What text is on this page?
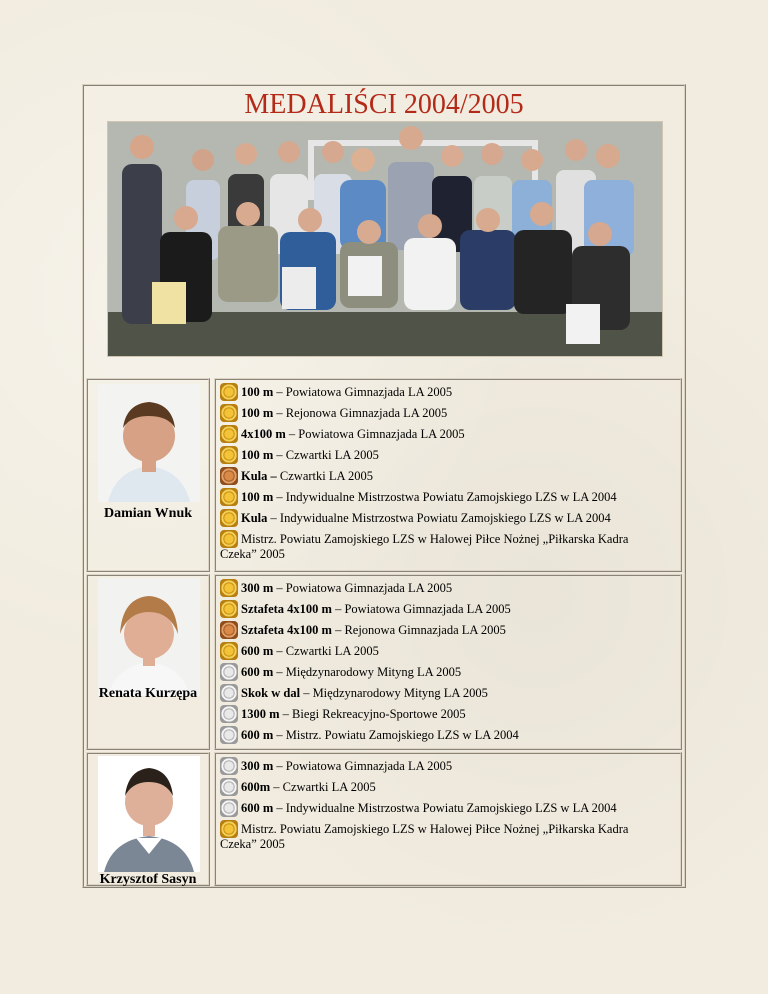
MEDALIŚCI 2004/2005
Damian Wnuk
100 m – Powiatowa Gimnazjada LA 2005
100 m – Rejonowa Gimnazjada LA 2005
4x100 m – Powiatowa Gimnazjada LA 2005
100 m – Czwartki LA 2005
Kula – Czwartki LA 2005
100 m – Indywidualne Mistrzostwa Powiatu Zamojskiego LZS w LA 2004
Kula – Indywidualne Mistrzostwa Powiatu Zamojskiego LZS w LA 2004
Mistrz. Powiatu Zamojskiego LZS w Halowej Piłce Nożnej „Piłkarska Kadra Czeka” 2005
Renata Kurzępa
300 m – Powiatowa Gimnazjada LA 2005
Sztafeta 4x100 m – Powiatowa Gimnazjada LA 2005
Sztafeta 4x100 m – Rejonowa Gimnazjada LA 2005
600 m – Czwartki LA 2005
600 m – Międzynarodowy Mityng LA 2005
Skok w dal – Międzynarodowy Mityng LA 2005
1300 m – Biegi Rekreacyjno-Sportowe 2005
600 m – Mistrz. Powiatu Zamojskiego LZS w LA 2004
Krzysztof Sasyn
300 m – Powiatowa Gimnazjada LA 2005
600m – Czwartki LA 2005
600 m – Indywidualne Mistrzostwa Powiatu Zamojskiego LZS w LA 2004
Mistrz. Powiatu Zamojskiego LZS w Halowej Piłce Nożnej „Piłkarska Kadra Czeka” 2005
